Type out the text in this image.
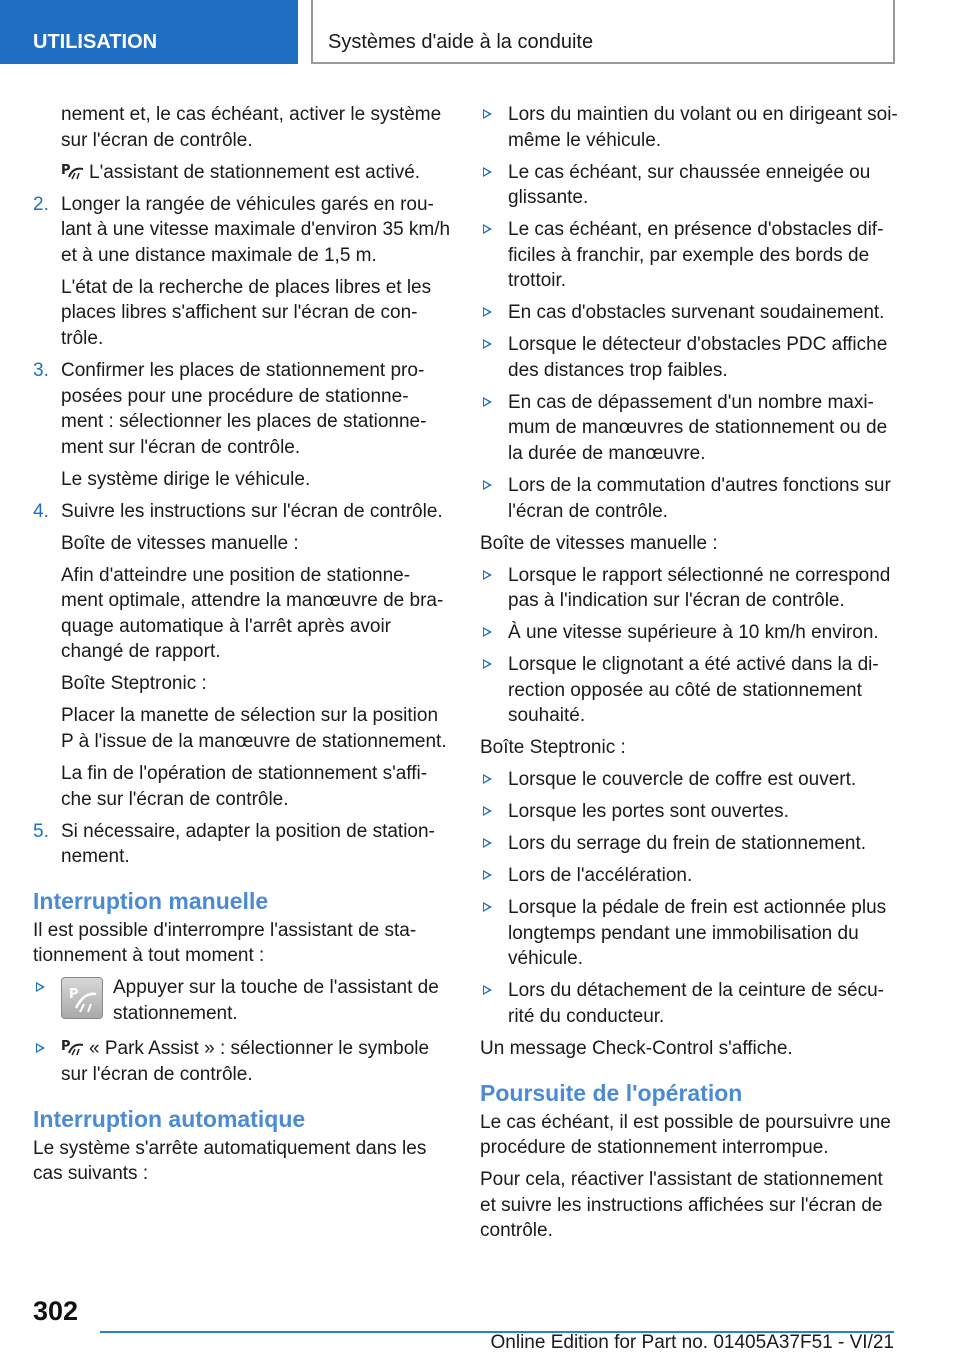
UTILISATION	Systèmes d'aide à la conduite

nement et, le cas échéant, activer le système sur l'écran de contrôle.

P L'assistant de stationnement est activé.

2. Longer la rangée de véhicules garés en rou- lant à une vitesse maximale d'environ 35 km/h et à une distance maximale de 1,5 m.

L'état de la recherche de places libres et les places libres s'affichent sur l'écran de con- trôle.

3. Confirmer les places de stationnement pro- posées pour une procédure de stationne- ment : sélectionner les places de stationne- ment sur l'écran de contrôle.

Le système dirige le véhicule.

4. Suivre les instructions sur l'écran de contrôle.

Boîte de vitesses manuelle :

Afin d'atteindre une position de stationne- ment optimale, attendre la manœuvre de bra- quage automatique à l'arrêt après avoir changé de rapport.

Boîte Steptronic :

Placer la manette de sélection sur la position P à l'issue de la manœuvre de stationnement.

La fin de l'opération de stationnement s'affi- che sur l'écran de contrôle.

5. Si nécessaire, adapter la position de station- nement.

Interruption manuelle

Il est possible d'interrompre l'assistant de sta- tionnement à tout moment :

P	Appuyer sur la touche de l'assistant de stationnement.
P « Park Assist » : sélectionner le symbole sur l'écran de contrôle.
Interruption automatique

Le système s'arrête automatiquement dans les cas suivants :

Lors du maintien du volant ou en dirigeant soi-même le véhicule.
Le cas échéant, sur chaussée enneigée ou glissante.
Le cas échéant, en présence d'obstacles dif- ficiles à franchir, par exemple des bords de trottoir.
En cas d'obstacles survenant soudainement.
Lorsque le détecteur d'obstacles PDC affiche des distances trop faibles.
En cas de dépassement d'un nombre maxi- mum de manœuvres de stationnement ou de la durée de manœuvre.
Lors de la commutation d'autres fonctions sur l'écran de contrôle.

Boîte de vitesses manuelle :

Lorsque le rapport sélectionné ne correspond pas à l'indication sur l'écran de contrôle.
À une vitesse supérieure à 10 km/h environ.
Lorsque le clignotant a été activé dans la di- rection opposée au côté de stationnement souhaité.

Boîte Steptronic :

Lorsque le couvercle de coffre est ouvert.
Lorsque les portes sont ouvertes.
Lors du serrage du frein de stationnement.
Lors de l'accélération.
Lorsque la pédale de frein est actionnée plus longtemps pendant une immobilisation du véhicule.
Lors du détachement de la ceinture de sécu- rité du conducteur.

Un message Check-Control s'affiche.

Poursuite de l'opération

Le cas échéant, il est possible de poursuivre une procédure de stationnement interrompue.

Pour cela, réactiver l'assistant de stationnement et suivre les instructions affichées sur l'écran de contrôle.

302
Online Edition for Part no. 01405A37F51 - VI/21
